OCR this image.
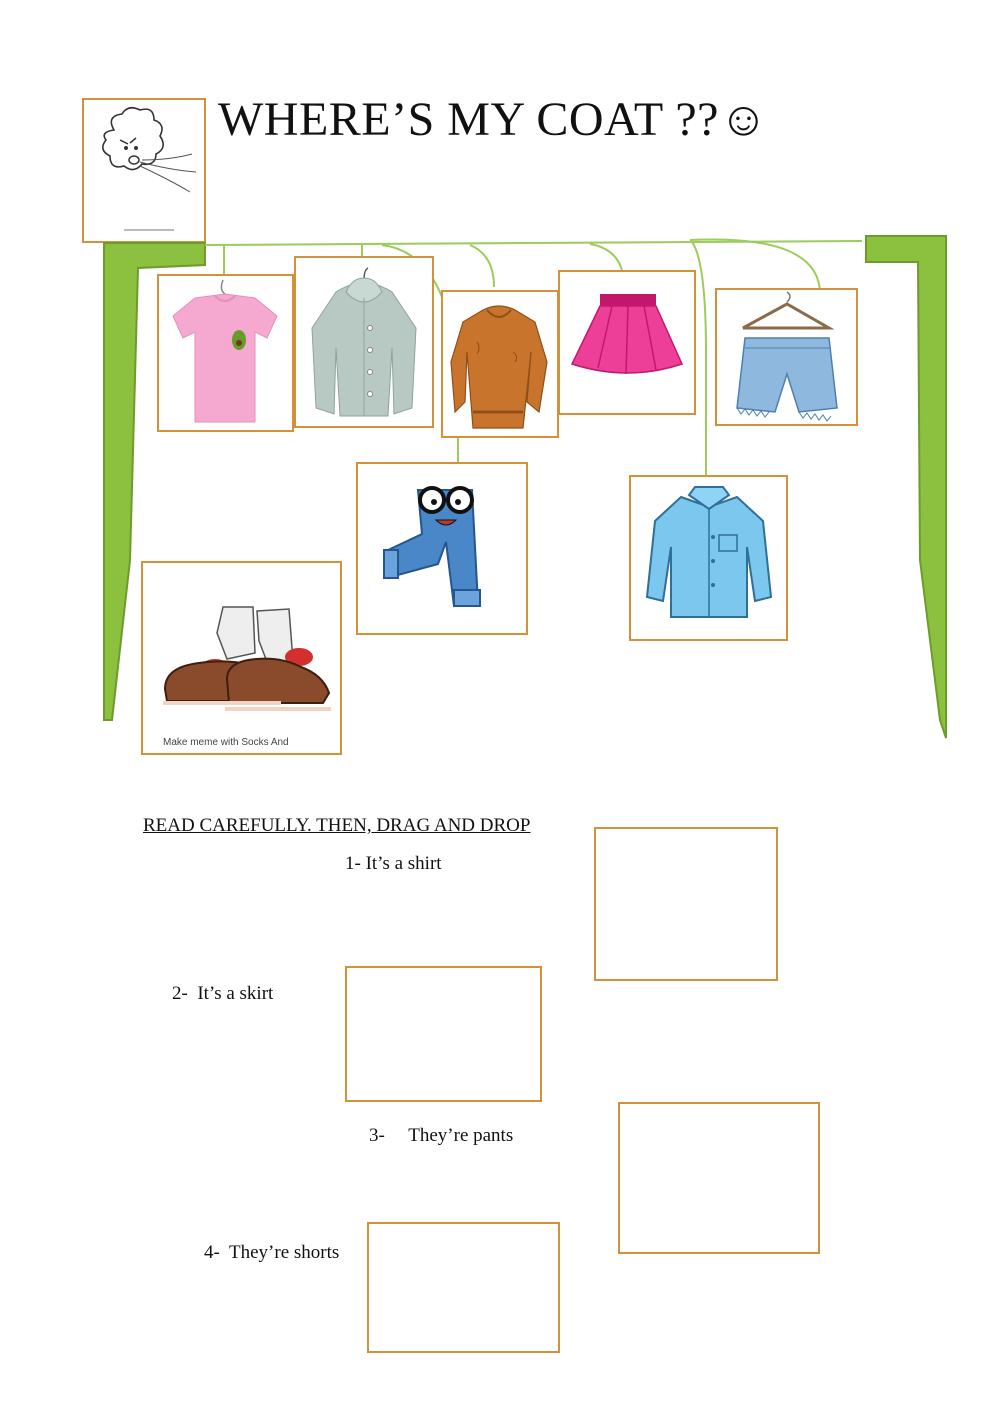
WHERE’S MY COAT ??☺
Make meme with Socks And
READ CAREFULLY. THEN, DRAG AND DROP
1- It’s a shirt
2- It’s a skirt
3- They’re pants
4- They’re shorts
